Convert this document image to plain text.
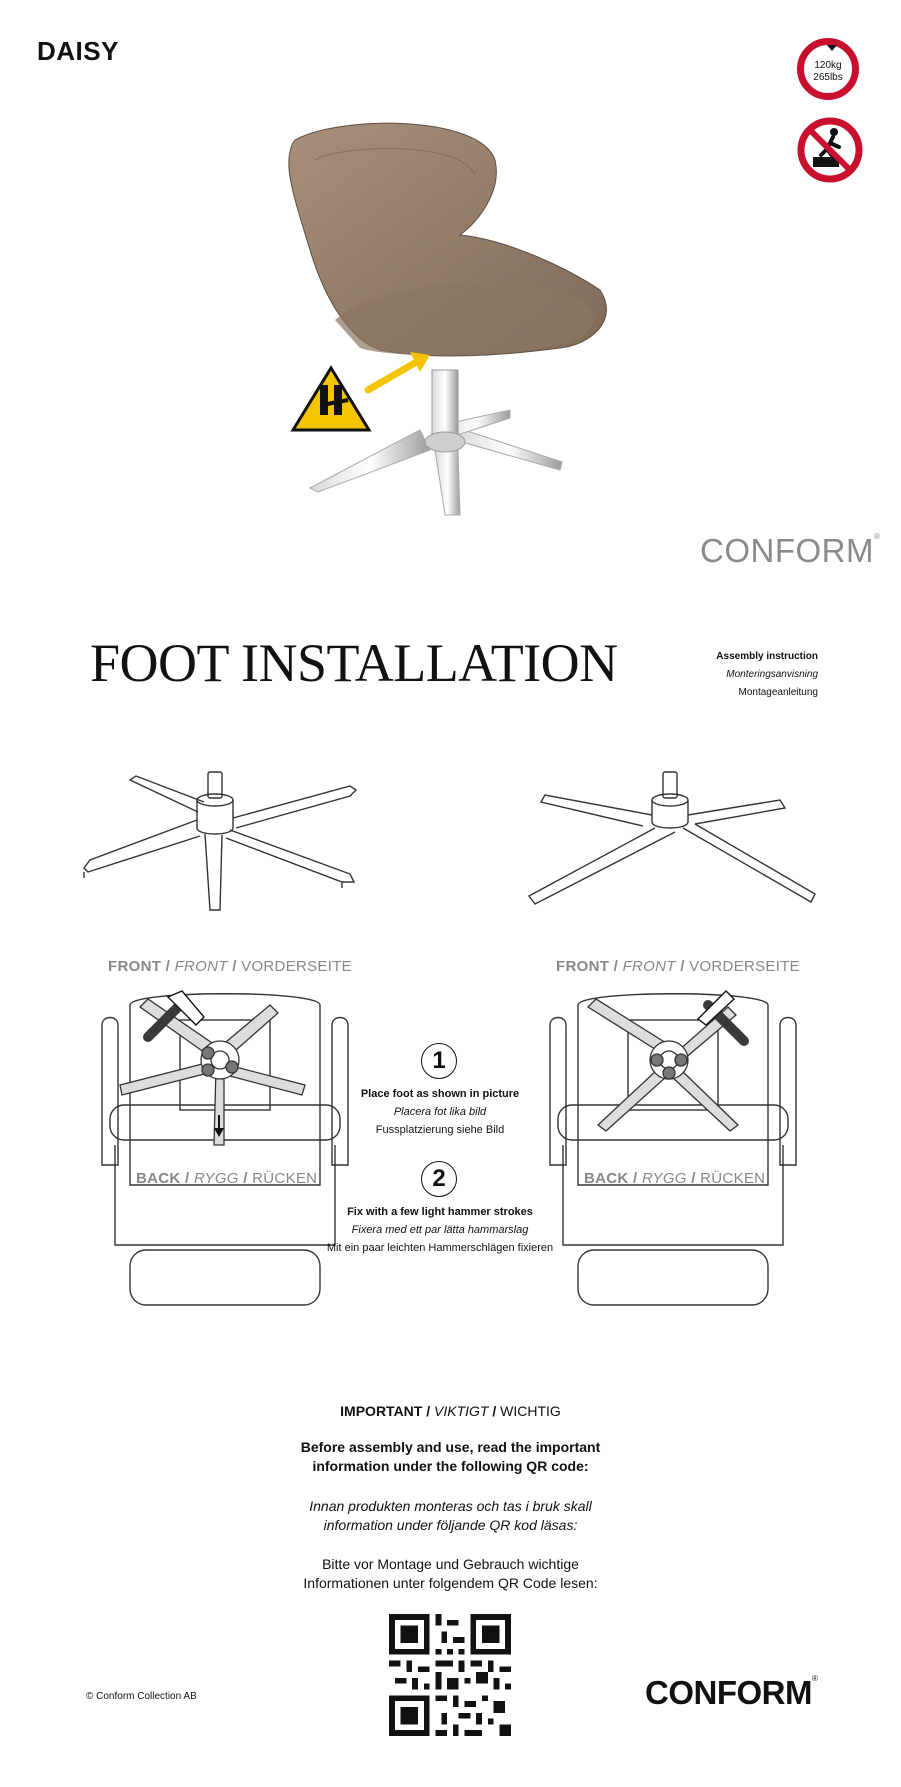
DAISY	120kg
265lbs
CONFORM®
FOOT INSTALLATION	Assembly instruction
Monteringsanvisning
Montageanleitung
FRONT / FRONT / VORDERSEITE
BACK / RYGG / RÜCKEN
FRONT / FRONT / VORDERSEITE
BACK / RYGG / RÜCKEN
1
Place foot as shown in picture
Placera fot lika bild
Fussplatzierung siehe Bild
2
Fix with a few light hammer strokes
Fixera med ett par lätta hammarslag
Mit ein paar leichten Hammerschlägen fixieren
IMPORTANT / VIKTIGT / WICHTIG
Before assembly and use, read the important
information under the following QR code:
Innan produkten monteras och tas i bruk skall
information under följande QR kod läsas:
Bitte vor Montage und Gebrauch wichtige
Informationen unter folgendem QR Code lesen:
© Conform Collection AB	CONFORM®
